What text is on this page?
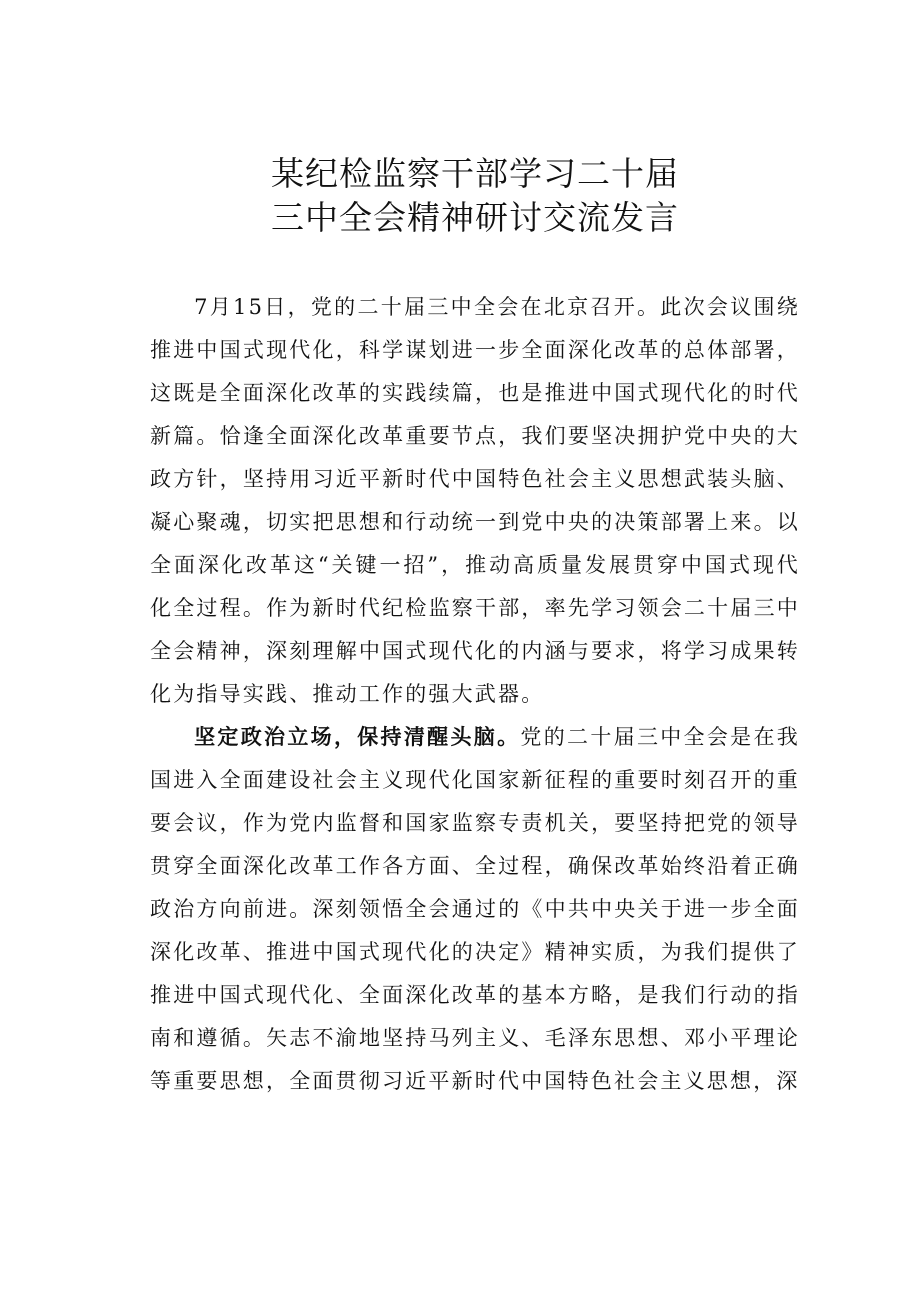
某纪检监察干部学习二十届
三中全会精神研讨交流发言

7月15日，党的二十届三中全会在北京召开。此次会议围绕推进中国式现代化，科学谋划进一步全面深化改革的总体部署，这既是全面深化改革的实践续篇，也是推进中国式现代化的时代新篇。恰逢全面深化改革重要节点，我们要坚决拥护党中央的大政方针，坚持用习近平新时代中国特色社会主义思想武装头脑、凝心聚魂，切实把思想和行动统一到党中央的决策部署上来。以全面深化改革这“关键一招”，推动高质量发展贯穿中国式现代化全过程。作为新时代纪检监察干部，率先学习领会二十届三中全会精神，深刻理解中国式现代化的内涵与要求，将学习成果转化为指导实践、推动工作的强大武器。

坚定政治立场，保持清醒头脑。党的二十届三中全会是在我国进入全面建设社会主义现代化国家新征程的重要时刻召开的重要会议，作为党内监督和国家监察专责机关，要坚持把党的领导贯穿全面深化改革工作各方面、全过程，确保改革始终沿着正确政治方向前进。深刻领悟全会通过的《中共中央关于进一步全面深化改革、推进中国式现代化的决定》精神实质，为我们提供了推进中国式现代化、全面深化改革的基本方略，是我们行动的指南和遵循。矢志不渝地坚持马列主义、毛泽东思想、邓小平理论等重要思想，全面贯彻习近平新时代中国特色社会主义思想，深
